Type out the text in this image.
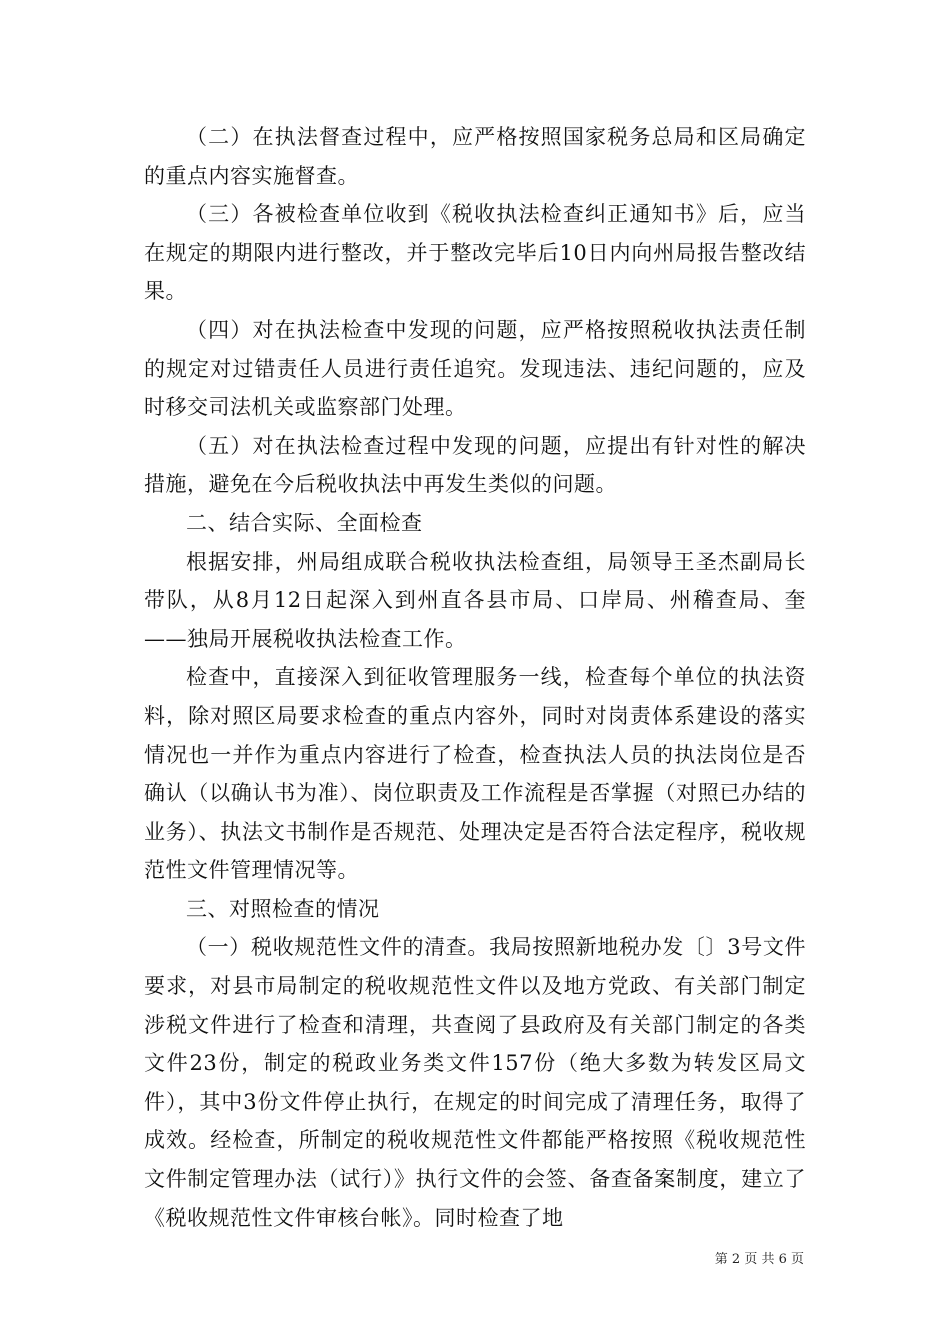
（二）在执法督查过程中，应严格按照国家税务总局和区局确定的重点内容实施督查。

（三）各被检查单位收到《税收执法检查纠正通知书》后，应当在规定的期限内进行整改，并于整改完毕后10日内向州局报告整改结果。

（四）对在执法检查中发现的问题，应严格按照税收执法责任制的规定对过错责任人员进行责任追究。发现违法、违纪问题的，应及时移交司法机关或监察部门处理。

（五）对在执法检查过程中发现的问题，应提出有针对性的解决措施，避免在今后税收执法中再发生类似的问题。

二、结合实际、全面检查

根据安排，州局组成联合税收执法检查组，局领导王圣杰副局长带队，从8月12日起深入到州直各县市局、口岸局、州稽查局、奎——独局开展税收执法检查工作。

检查中，直接深入到征收管理服务一线，检查每个单位的执法资料，除对照区局要求检查的重点内容外，同时对岗责体系建设的落实情况也一并作为重点内容进行了检查，检查执法人员的执法岗位是否确认（以确认书为准）、岗位职责及工作流程是否掌握（对照已办结的业务）、执法文书制作是否规范、处理决定是否符合法定程序，税收规范性文件管理情况等。

三、对照检查的情况

（一）税收规范性文件的清查。我局按照新地税办发〔〕3号文件要求，对县市局制定的税收规范性文件以及地方党政、有关部门制定涉税文件进行了检查和清理，共查阅了县政府及有关部门制定的各类文件23份，制定的税政业务类文件157份（绝大多数为转发区局文件），其中3份文件停止执行，在规定的时间完成了清理任务，取得了成效。经检查，所制定的税收规范性文件都能严格按照《税收规范性文件制定管理办法（试行）》执行文件的会签、备查备案制度，建立了《税收规范性文件审核台帐》。同时检查了地

第 2 页 共 6 页
